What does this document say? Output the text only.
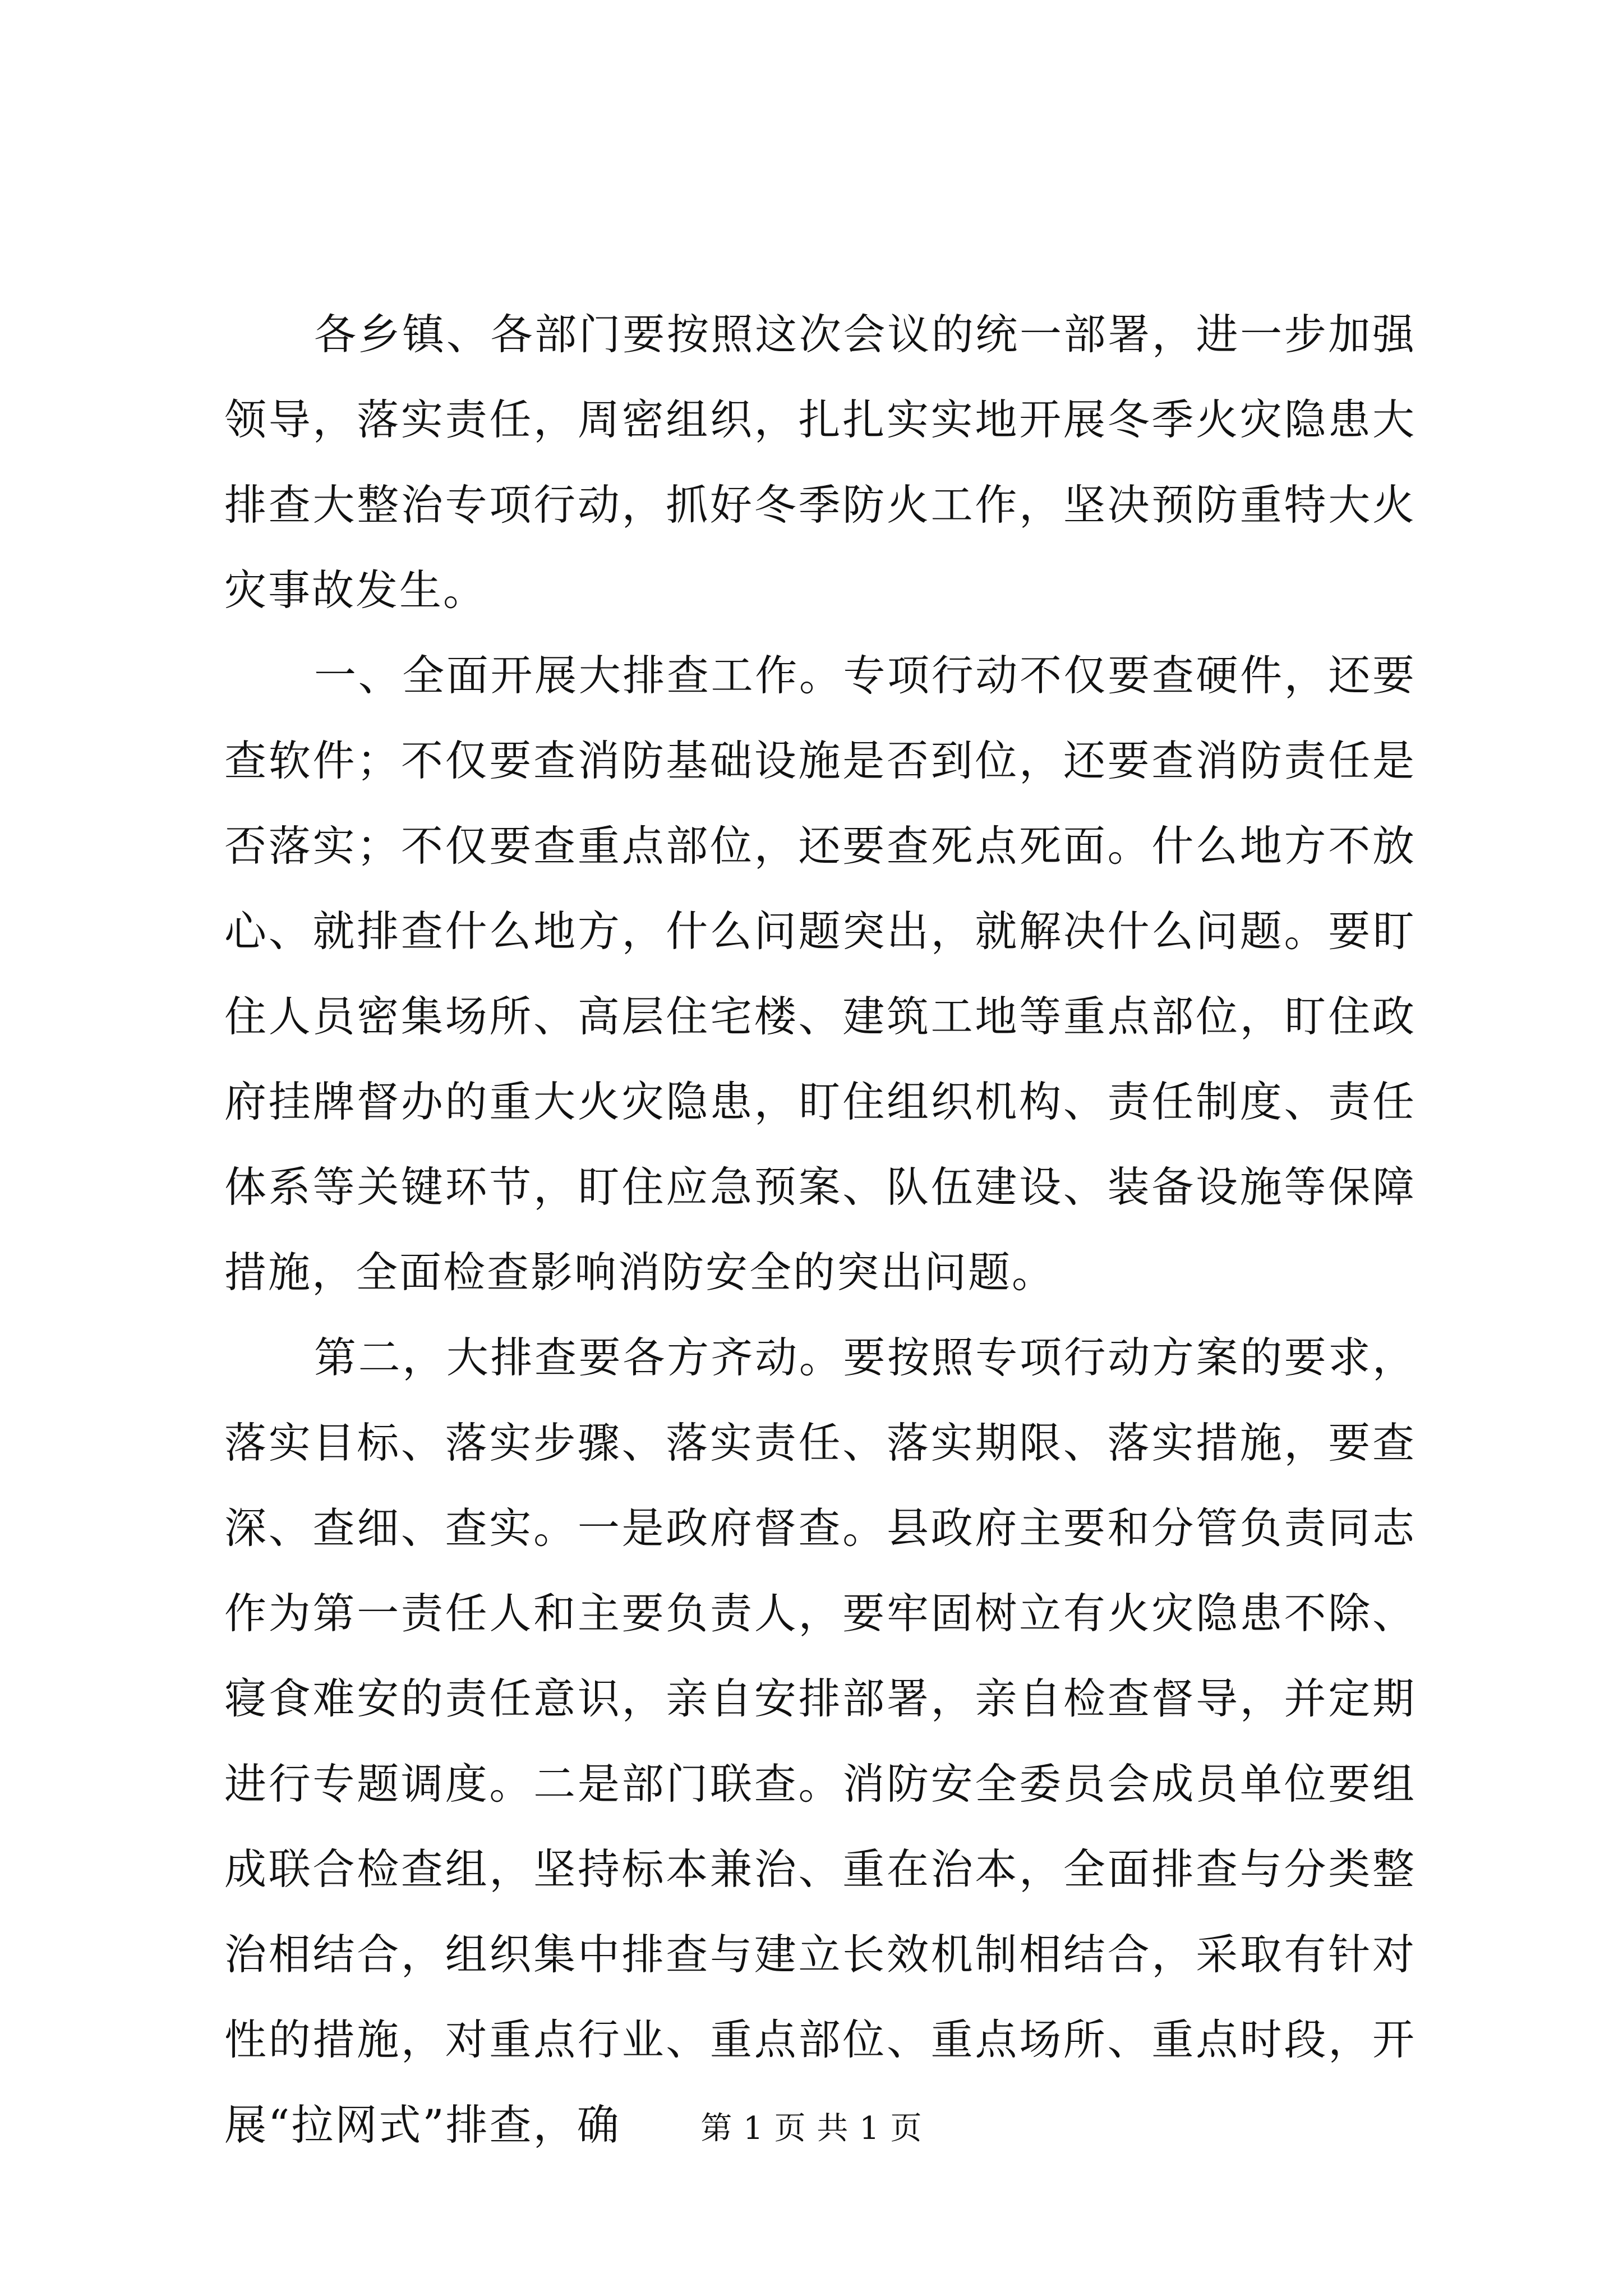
各乡镇、各部门要按照这次会议的统一部署，进一步加强领导，落实责任，周密组织，扎扎实实地开展冬季火灾隐患大排查大整治专项行动，抓好冬季防火工作，坚决预防重特大火灾事故发生。

一、全面开展大排查工作。专项行动不仅要查硬件，还要查软件；不仅要查消防基础设施是否到位，还要查消防责任是否落实；不仅要查重点部位，还要查死点死面。什么地方不放心、就排查什么地方，什么问题突出，就解决什么问题。要盯住人员密集场所、高层住宅楼、建筑工地等重点部位，盯住政府挂牌督办的重大火灾隐患，盯住组织机构、责任制度、责任体系等关键环节，盯住应急预案、队伍建设、装备设施等保障措施，全面检查影响消防安全的突出问题。

第二，大排查要各方齐动。要按照专项行动方案的要求，落实目标、落实步骤、落实责任、落实期限、落实措施，要查深、查细、查实。一是政府督查。县政府主要和分管负责同志作为第一责任人和主要负责人，要牢固树立有火灾隐患不除、寝食难安的责任意识，亲自安排部署，亲自检查督导，并定期进行专题调度。二是部门联查。消防安全委员会成员单位要组成联合检查组，坚持标本兼治、重在治本，全面排查与分类整治相结合，组织集中排查与建立长效机制相结合，采取有针对性的措施，对重点行业、重点部位、重点场所、重点时段，开展“拉网式”排查，确	第 1 页 共 1 页
